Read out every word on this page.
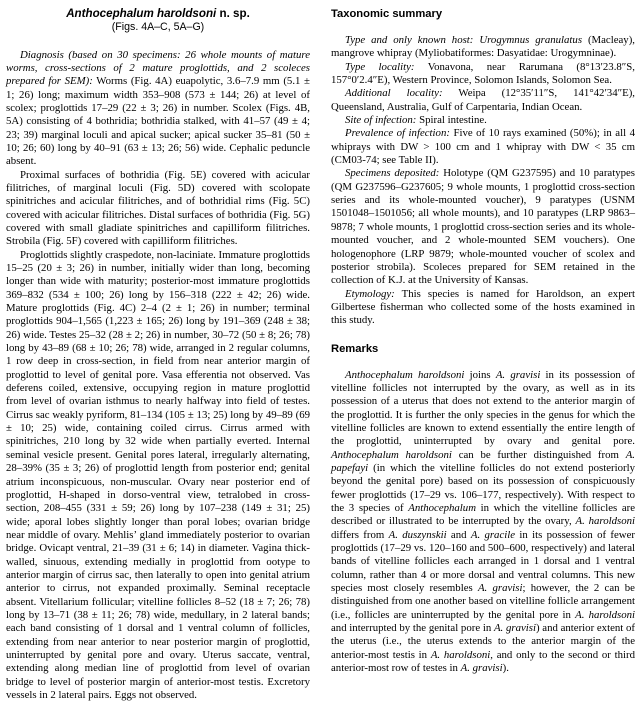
Anthocephalum haroldsoni n. sp.
(Figs. 4A–C, 5A–G)

Diagnosis (based on 30 specimens: 26 whole mounts of mature worms, cross-sections of 2 mature proglottids, and 2 scoleces prepared for SEM): Worms (Fig. 4A) euapolytic, 3.6–7.9 mm (5.1 ± 1; 26) long; maximum width 353–908 (573 ± 144; 26) at level of scolex; proglottids 17–29 (22 ± 3; 26) in number. Scolex (Figs. 4B, 5A) consisting of 4 bothridia; bothridia stalked, with 41–57 (49 ± 4; 23; 39) marginal loculi and apical sucker; apical sucker 35–81 (50 ± 10; 26; 60) long by 40–91 (63 ± 13; 26; 56) wide. Cephalic peduncle absent.

Proximal surfaces of bothridia (Fig. 5E) covered with acicular filitriches, of marginal loculi (Fig. 5D) covered with scolopate spinitriches and acicular filitriches, and of bothridial rims (Fig. 5C) covered with acicular filitriches. Distal surfaces of bothridia (Fig. 5G) covered with small gladiate spinitriches and capilliform filitriches. Strobila (Fig. 5F) covered with capilliform filitriches.

Proglottids slightly craspedote, non-laciniate. Immature proglottids 15–25 (20 ± 3; 26) in number, initially wider than long, becoming longer than wide with maturity; posterior-most immature proglottids 369–832 (534 ± 100; 26) long by 156–318 (222 ± 42; 26) wide. Mature proglottids (Fig. 4C) 2–4 (2 ± 1; 26) in number; terminal proglottids 904–1,565 (1,223 ± 165; 26) long by 191–369 (248 ± 38; 26) wide. Testes 25–32 (28 ± 2; 26) in number, 30–72 (50 ± 8; 26; 78) long by 43–89 (68 ± 10; 26; 78) wide, arranged in 2 regular columns, 1 row deep in cross-section, in field from near anterior margin of proglottid to level of genital pore. Vasa efferentia not observed. Vas deferens coiled, extensive, occupying region in mature proglottid from level of ovarian isthmus to nearly halfway into field of testes. Cirrus sac weakly pyriform, 81–134 (105 ± 13; 25) long by 49–89 (69 ± 10; 25) wide, containing coiled cirrus. Cirrus armed with spinitriches, 210 long by 32 wide when partially everted. Internal seminal vesicle present. Genital pores lateral, irregularly alternating, 28–39% (35 ± 3; 26) of proglottid length from posterior end; genital atrium inconspicuous, non-muscular. Ovary near posterior end of proglottid, H-shaped in dorso-ventral view, tetralobed in cross-section, 208–455 (331 ± 59; 26) long by 107–238 (149 ± 31; 25) wide; aporal lobes slightly longer than poral lobes; ovarian bridge near middle of ovary. Mehlis’ gland immediately posterior to ovarian bridge. Ovicapt ventral, 21–39 (31 ± 6; 14) in diameter. Vagina thick-walled, sinuous, extending medially in proglottid from ootype to anterior margin of cirrus sac, then laterally to open into genital atrium anterior to cirrus, not expanded proximally. Seminal receptacle absent. Vitellarium follicular; vitelline follicles 8–52 (18 ± 7; 26; 78) long by 13–71 (38 ± 11; 26; 78) wide, medullary, in 2 lateral bands; each band consisting of 1 dorsal and 1 ventral column of follicles, extending from near anterior to near posterior margin of proglottid, uninterrupted by genital pore and ovary. Uterus saccate, ventral, extending along median line of proglottid from level of ovarian bridge to level of posterior margin of anterior-most testis. Excretory vessels in 2 lateral pairs. Eggs not observed.

Taxonomic summary

Type and only known host: Urogymnus granulatus (Macleay), mangrove whipray (Myliobatiformes: Dasyatidae: Urogymninae).

Type locality: Vonavona, near Rarumana (8°13′23.8″S, 157°0′2.4″E), Western Province, Solomon Islands, Solomon Sea.

Additional locality: Weipa (12°35′11″S, 141°42′34″E), Queensland, Australia, Gulf of Carpentaria, Indian Ocean.

Site of infection: Spiral intestine.

Prevalence of infection: Five of 10 rays examined (50%); in all 4 whiprays with DW > 100 cm and 1 whipray with DW < 35 cm (CM03-74; see Table II).

Specimens deposited: Holotype (QM G237595) and 10 paratypes (QM G237596–G237605; 9 whole mounts, 1 proglottid cross-section series and its whole-mounted voucher), 9 paratypes (USNM 1501048–1501056; all whole mounts), and 10 paratypes (LRP 9863–9878; 7 whole mounts, 1 proglottid cross-section series and its whole-mounted voucher, and 2 whole-mounted SEM vouchers). One hologenophore (LRP 9879; whole-mounted voucher of scolex and posterior strobila). Scoleces prepared for SEM retained in the collection of K.J. at the University of Kansas.

Etymology: This species is named for Haroldson, an expert Gilbertese fisherman who collected some of the hosts examined in this study.

Remarks

Anthocephalum haroldsoni joins A. gravisi in its possession of vitelline follicles not interrupted by the ovary, as well as in its possession of a uterus that does not extend to the anterior margin of the proglottid. It is further the only species in the genus for which the vitelline follicles are known to extend essentially the entire length of the proglottid, uninterrupted by ovary and genital pore. Anthocephalum haroldsoni can be further distinguished from A. papefayi (in which the vitelline follicles do not extend posteriorly beyond the genital pore) based on its possession of conspicuously fewer proglottids (17–29 vs. 106–177, respectively). With respect to the 3 species of Anthocephalum in which the vitelline follicles are described or illustrated to be interrupted by the ovary, A. haroldsoni differs from A. duszynskii and A. gracile in its possession of fewer proglottids (17–29 vs. 120–160 and 500–600, respectively) and lateral bands of vitelline follicles each arranged in 1 dorsal and 1 ventral column, rather than 4 or more dorsal and ventral columns. This new species most closely resembles A. gravisi; however, the 2 can be distinguished from one another based on vitelline follicle arrangement (i.e., follicles are uninterrupted by the genital pore in A. haroldsoni and interrupted by the genital pore in A. gravisi) and anterior extent of the uterus (i.e., the uterus extends to the anterior margin of the anterior-most testis in A. haroldsoni, and only to the second or third anterior-most row of testes in A. gravisi).
